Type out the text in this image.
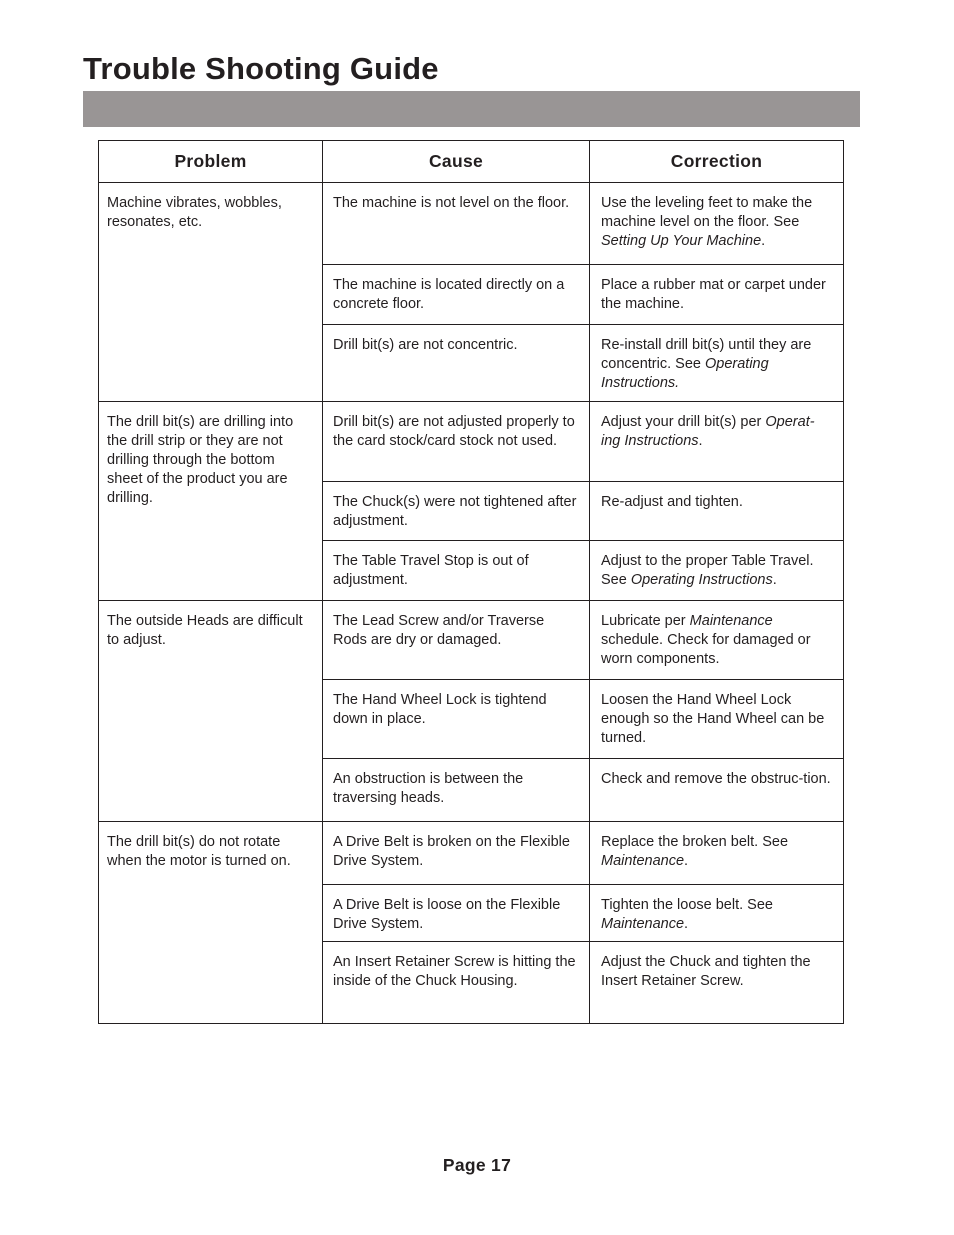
Trouble Shooting Guide
Problem	Cause	Correction
Machine vibrates, wobbles, resonates, etc.	The machine is not level on the floor.	Use the leveling feet to make the machine level on the floor. See Setting Up Your Machine.
	The machine is located directly on a concrete floor.	Place a rubber mat or carpet under the machine.
	Drill bit(s) are not concentric.	Re-install drill bit(s) until they are concentric. See Operating Instructions.
The drill bit(s) are drilling into the drill strip or they are not drilling through the bottom sheet of the product you are drilling.	Drill bit(s) are not adjusted properly to the card stock/card stock not used.	Adjust your drill bit(s) per Operat-ing Instructions.
	The Chuck(s) were not tightened after adjustment.	Re-adjust and tighten.
	The Table Travel Stop is out of adjustment.	Adjust to the proper Table Travel. See Operating Instructions.
The outside Heads are difficult to adjust.	The Lead Screw and/or Traverse Rods are dry or damaged.	Lubricate per Maintenance schedule. Check for damaged or worn components.
	The Hand Wheel Lock is tightend down in place.	Loosen the Hand Wheel Lock enough so the Hand Wheel can be turned.
	An obstruction is between the traversing heads.	Check and remove the obstruc-tion.
The drill bit(s) do not rotate when the motor is turned on.	A Drive Belt is broken on the Flexible Drive System.	Replace the broken belt. See Maintenance.
	A Drive Belt is loose on the Flexible Drive System.	Tighten the loose belt. See Maintenance.
	An Insert Retainer Screw is hitting the inside of the Chuck Housing.	Adjust the Chuck and tighten the Insert Retainer Screw.
Page 17
